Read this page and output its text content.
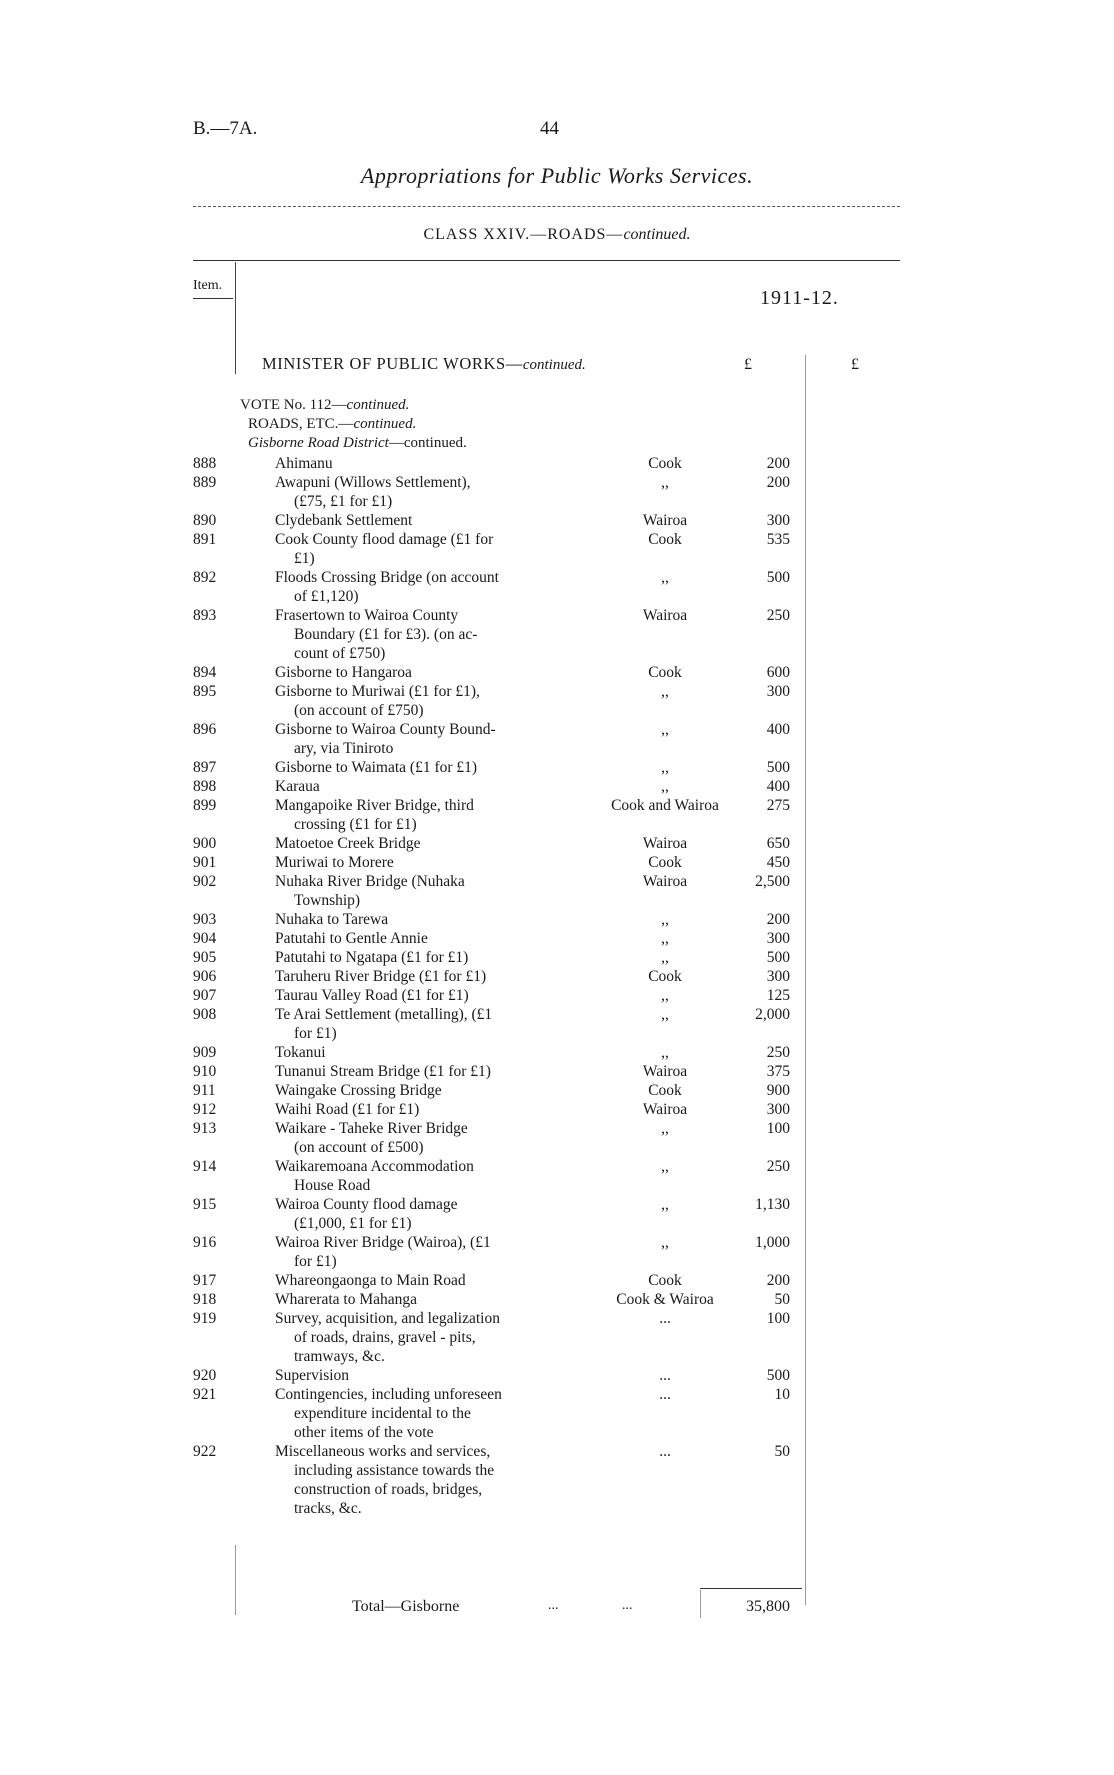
B.—7A.	44
Appropriations for Public Works Services.
CLASS XXIV.—ROADS—continued.
Item.
1911-12.
MINISTER OF PUBLIC WORKS—continued.	£	£
VOTE No. 112—continued.
ROADS, ETC.—continued.
Gisborne Road District—continued.
888	Ahimanu	Cook	200
889	Awapuni (Willows Settlement),
(£75, £1 for £1)
,,	200
890	Clydebank Settlement	Wairoa	300
891	Cook County flood damage (£1 for
£1)
Cook	535
892	Floods Crossing Bridge (on account
of £1,120)
,,	500
893	Frasertown to Wairoa County
Boundary (£1 for £3). (on ac-
count of £750)
Wairoa	250
894	Gisborne to Hangaroa	Cook	600
895	Gisborne to Muriwai (£1 for £1),
(on account of £750)
,,	300
896	Gisborne to Wairoa County Bound-
ary, via Tiniroto
,,	400
897	Gisborne to Waimata (£1 for £1)	,,	500
898	Karaua	,,	400
899	Mangapoike River Bridge, third
crossing (£1 for £1)
Cook and Wairoa	275
900	Matoetoe Creek Bridge	Wairoa	650
901	Muriwai to Morere	Cook	450
902	Nuhaka River Bridge (Nuhaka
Township)
Wairoa	2,500
903	Nuhaka to Tarewa	,,	200
904	Patutahi to Gentle Annie	,,	300
905	Patutahi to Ngatapa (£1 for £1)	,,	500
906	Taruheru River Bridge (£1 for £1)	Cook	300
907	Taurau Valley Road (£1 for £1)	,,	125
908	Te Arai Settlement (metalling), (£1
for £1)
,,	2,000
909	Tokanui	,,	250
910	Tunanui Stream Bridge (£1 for £1)	Wairoa	375
911	Waingake Crossing Bridge	Cook	900
912	Waihi Road (£1 for £1)	Wairoa	300
913	Waikare - Taheke River Bridge
(on account of £500)
,,	100
914	Waikaremoana Accommodation
House Road
,,	250
915	Wairoa County flood damage
(£1,000, £1 for £1)
,,	1,130
916	Wairoa River Bridge (Wairoa), (£1
for £1)
,,	1,000
917	Whareongaonga to Main Road	Cook	200
918	Wharerata to Mahanga	Cook & Wairoa	50
919	Survey, acquisition, and legalization
of roads, drains, gravel - pits,
tramways, &c.
...	100
920	Supervision	...	500
921	Contingencies, including unforeseen
expenditure incidental to the
other items of the vote
...	10
922	Miscellaneous works and services,
including assistance towards the
construction of roads, bridges,
tracks, &c.
...	50
Total—Gisborne	...	...	35,800
